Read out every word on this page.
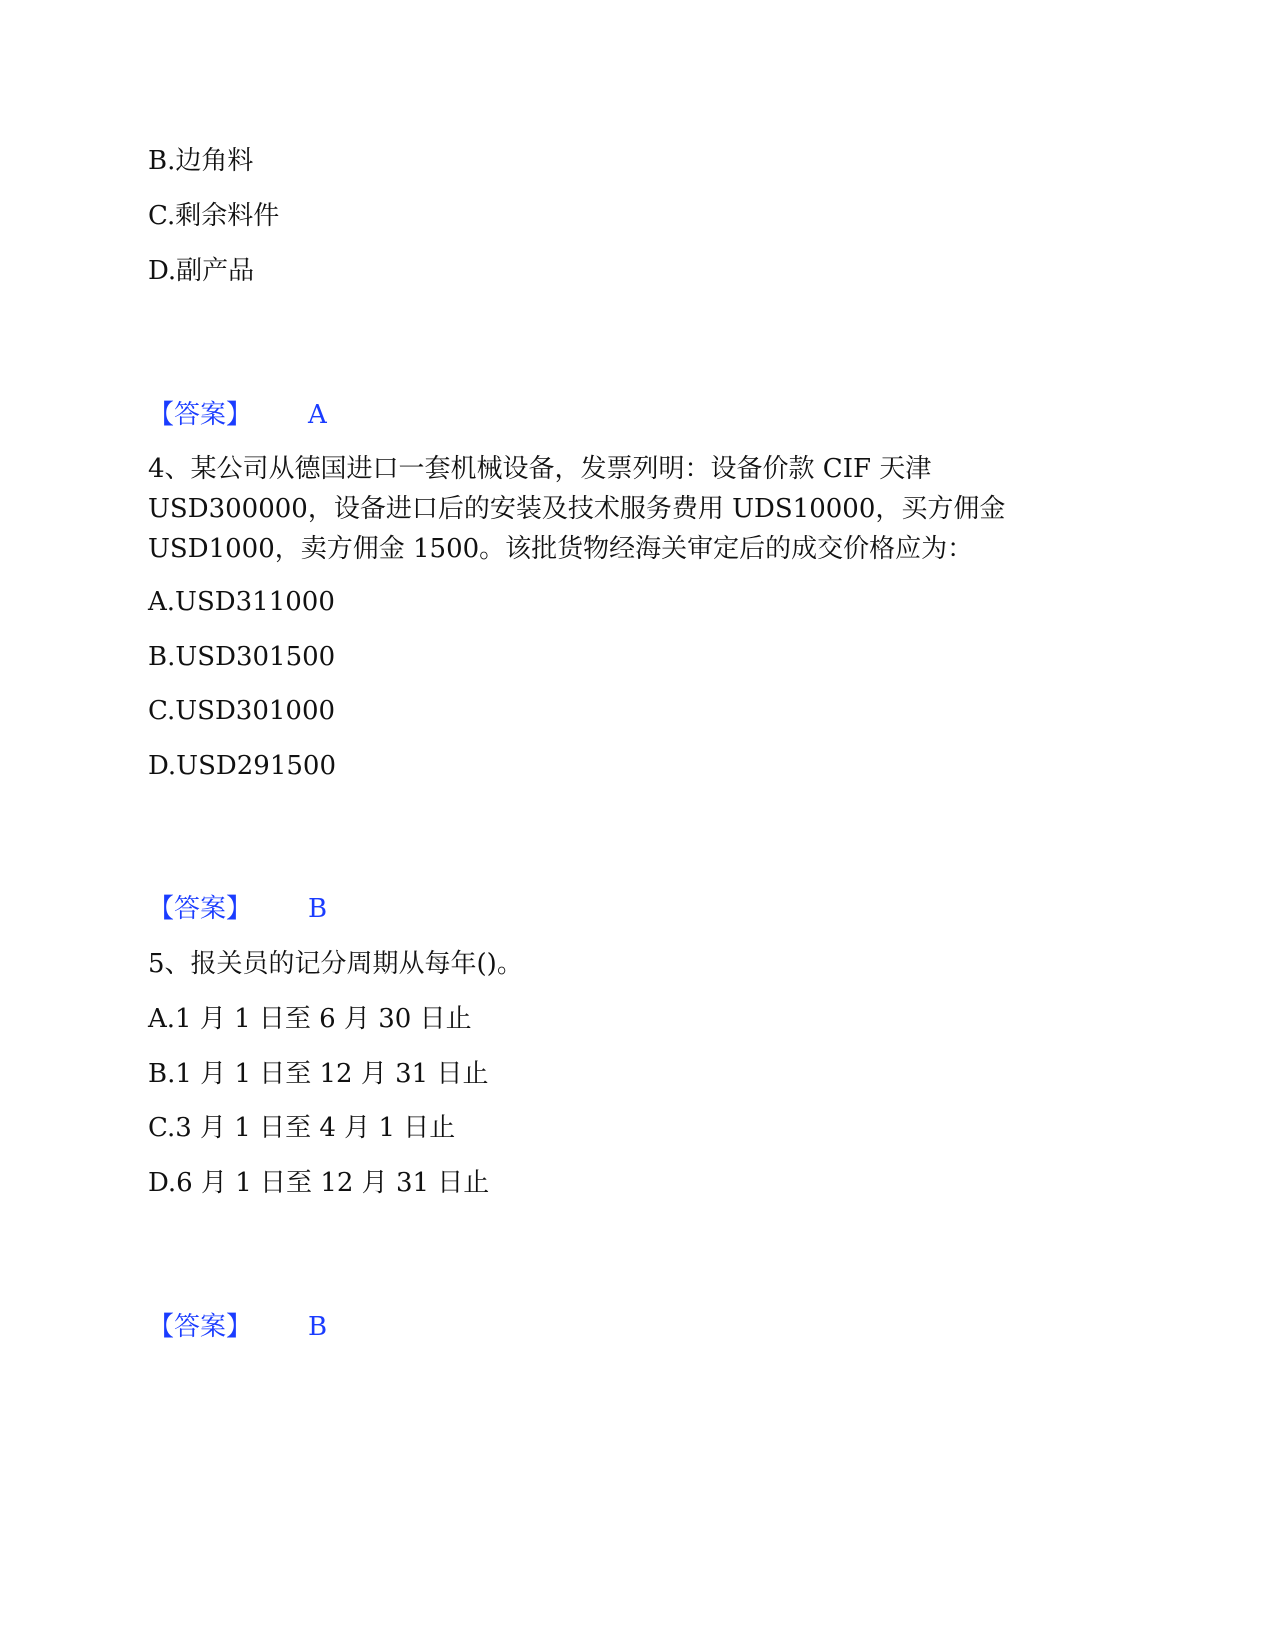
B.边角料
C.剩余料件
D.副产品
【答案】 A
4、某公司从德国进口一套机械设备，发票列明：设备价款 CIF 天津
USD300000，设备进口后的安装及技术服务费用 UDS10000，买方佣金
USD1000，卖方佣金 1500。该批货物经海关审定后的成交价格应为：
A.USD311000
B.USD301500
C.USD301000
D.USD291500
【答案】 B
5、报关员的记分周期从每年()。
A.1 月 1 日至 6 月 30 日止
B.1 月 1 日至 12 月 31 日止
C.3 月 1 日至 4 月 1 日止
D.6 月 1 日至 12 月 31 日止
【答案】 B
